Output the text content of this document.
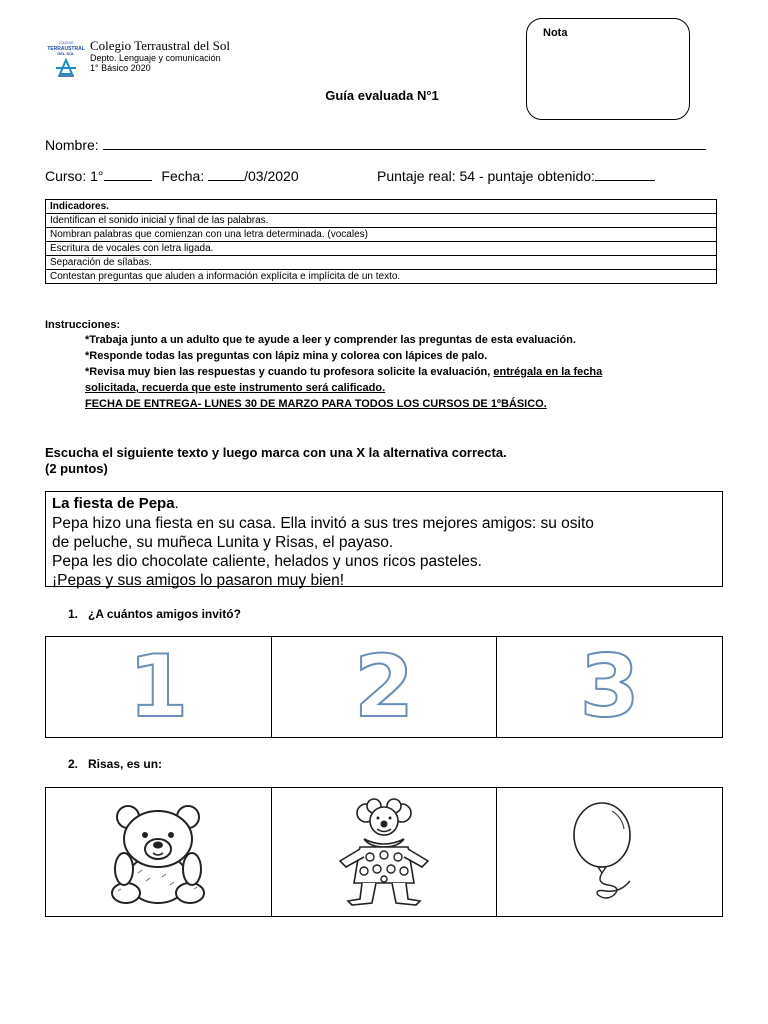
COLEGIO
TERRAUSTRAL
DEL SOL
Colegio Terraustral del Sol
Depto. Lenguaje y comunicación
1° Básico 2020
Nota
Guía evaluada N°1
Nombre:
Curso: 1°	Fecha:	/03/2020	Puntaje real: 54 - puntaje obtenido:
Indicadores.
Identifican el sonido inicial y final de las palabras.
Nombran palabras que comienzan con una letra determinada. (vocales)
Escritura de vocales con letra ligada.
Separación de sílabas.
Contestan preguntas que aluden a información explícita e implícita de un texto.
Instrucciones:
*Trabaja junto a un adulto que te ayude a leer y comprender las preguntas de esta evaluación.
*Responde todas las preguntas con lápiz mina y colorea con lápices de palo.
*Revisa muy bien las respuestas y cuando tu profesora solicite la evaluación, entrégala en la fecha
solicitada, recuerda que este instrumento será calificado.
FECHA DE ENTREGA- LUNES 30 DE MARZO PARA TODOS LOS CURSOS DE 1ºBÁSICO.
Escucha el siguiente texto y luego marca con una X la alternativa correcta.
(2 puntos)
La fiesta de Pepa.
Pepa hizo una fiesta en su casa. Ella invitó a sus tres mejores amigos: su osito
de peluche, su muñeca Lunita y Risas, el payaso.
Pepa les dio chocolate caliente, helados y unos ricos pasteles.
¡Pepas y sus amigos lo pasaron muy bien!
1. ¿A cuántos amigos invitó?
1 2 3
2. Risas, es un:
